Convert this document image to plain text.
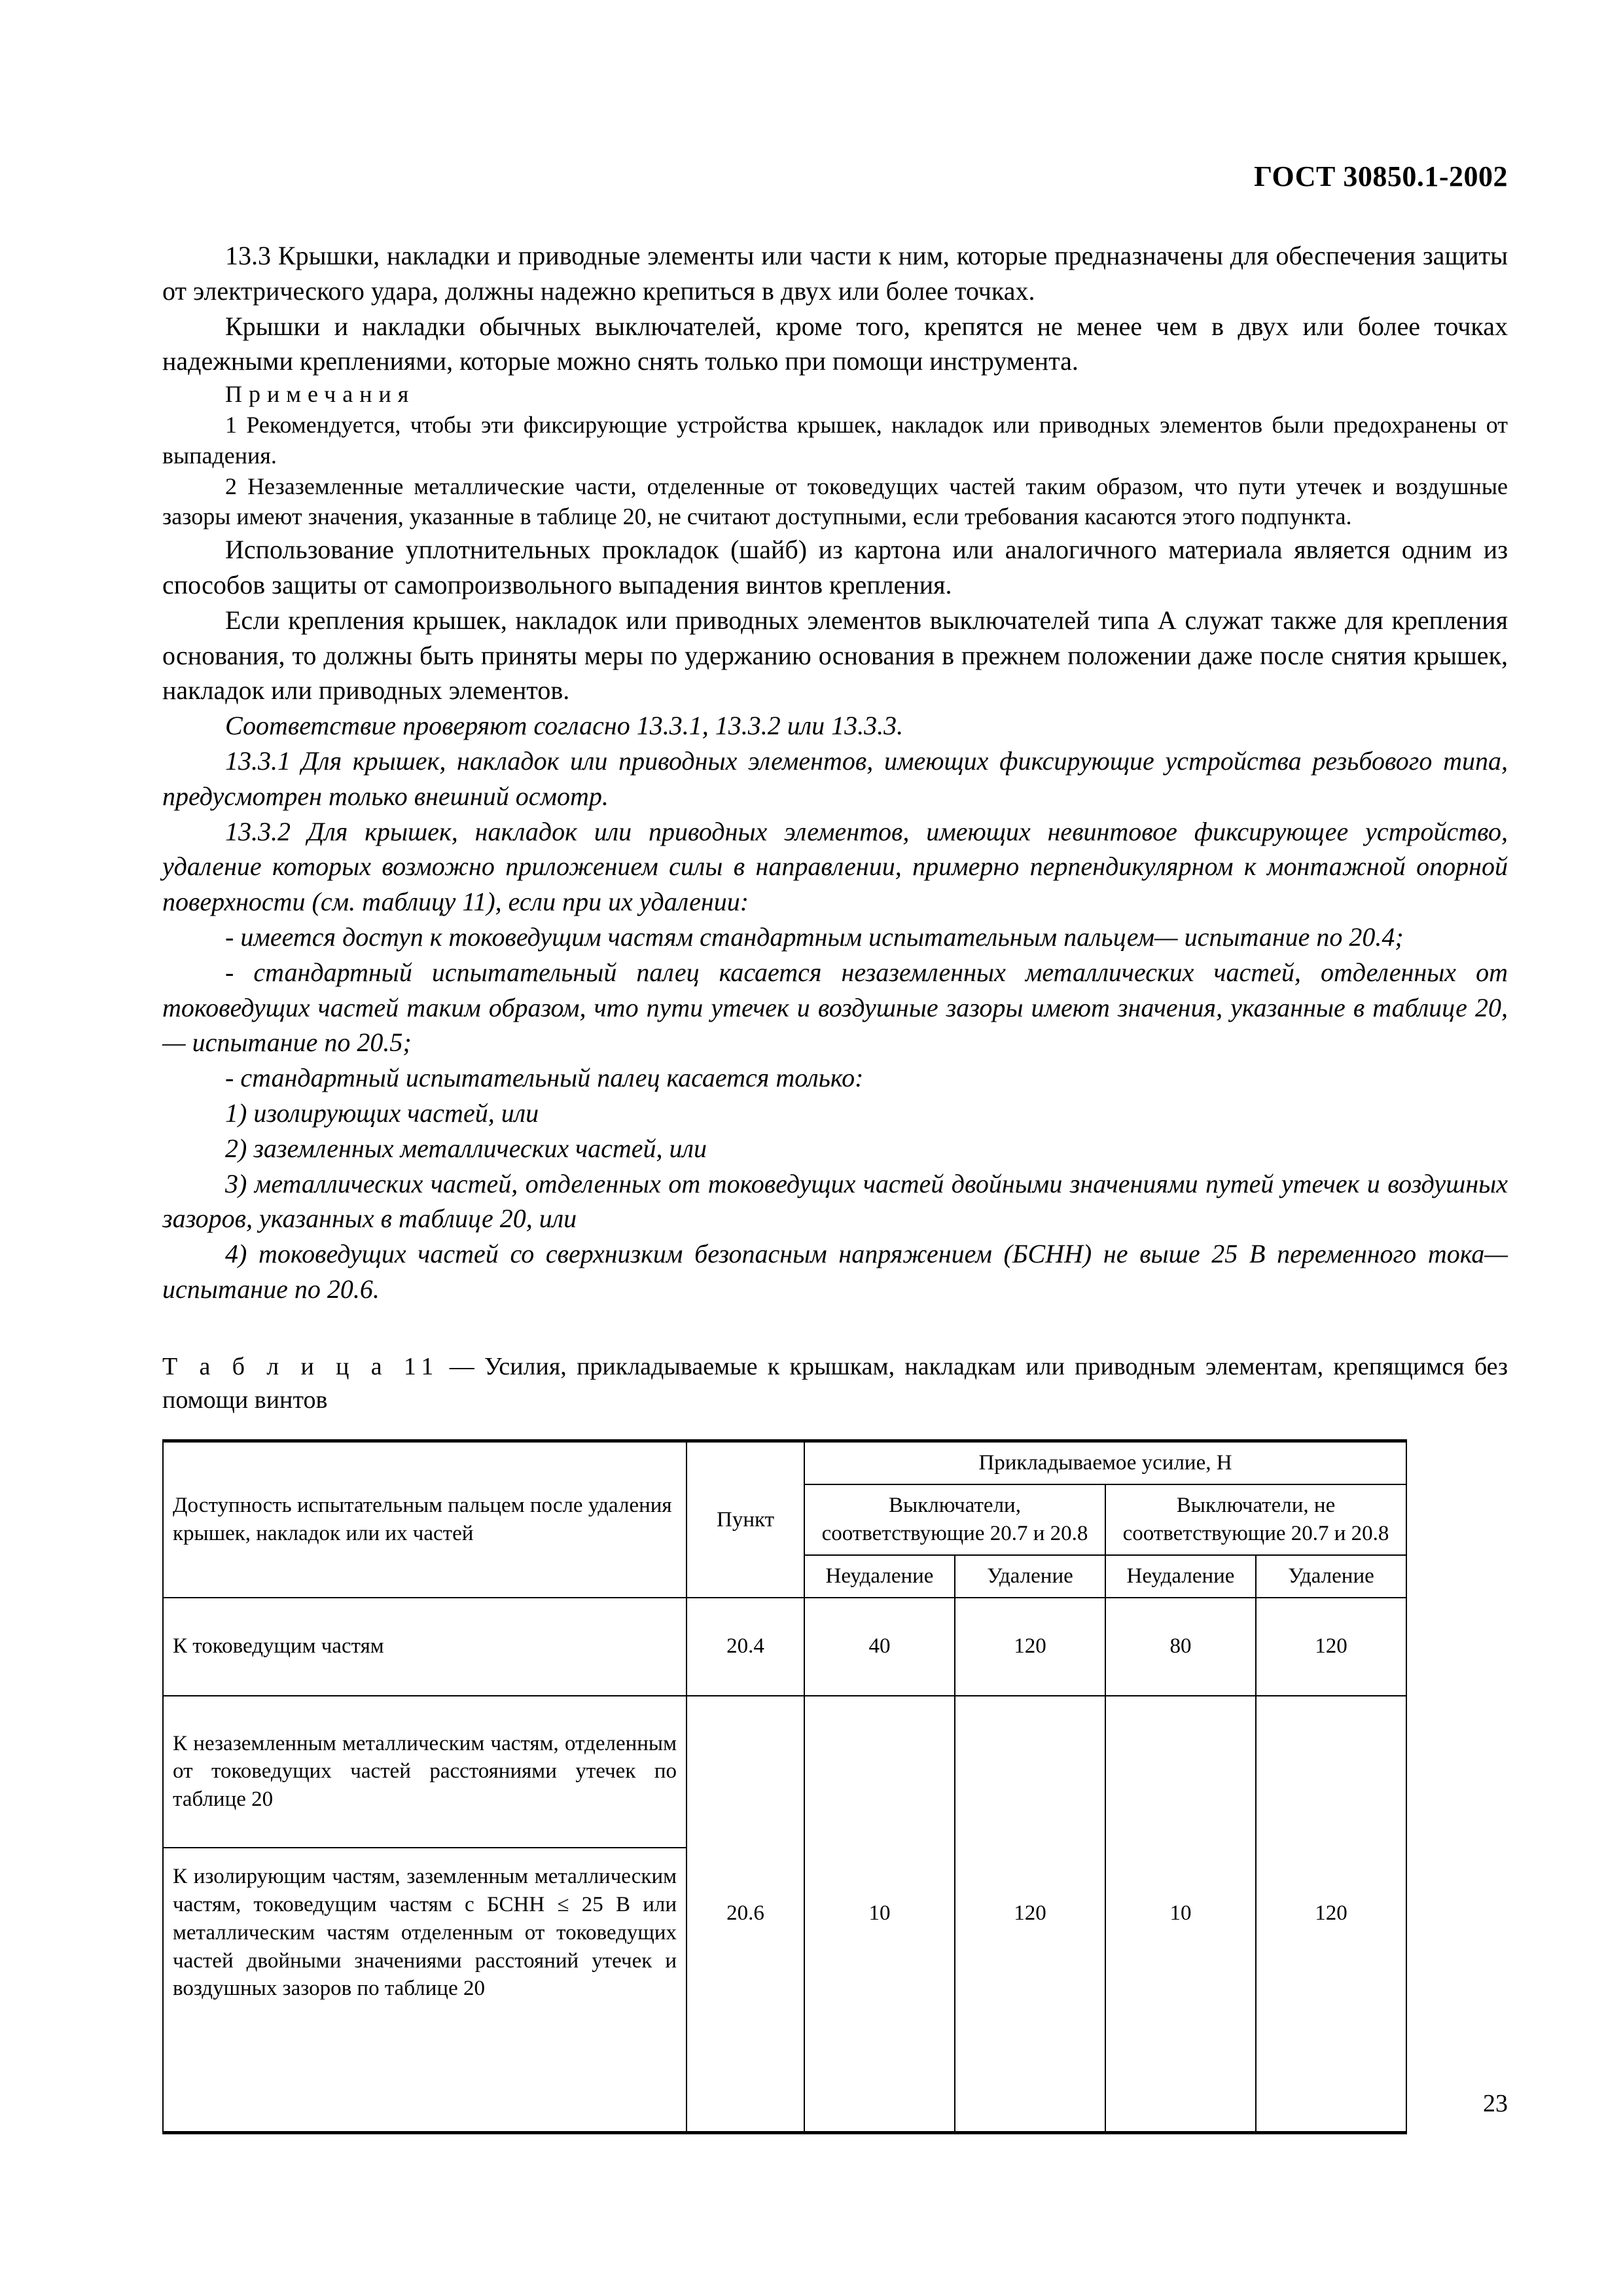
ГОСТ 30850.1-2002

13.3 Крышки, накладки и приводные элементы или части к ним, которые предназначены для обеспечения защиты от электрического удара, должны надежно крепиться в двух или более точках.

Крышки и накладки обычных выключателей, кроме того, крепятся не менее чем в двух или более точках надежными креплениями, которые можно снять только при помощи инструмента.

Примечания

1 Рекомендуется, чтобы эти фиксирующие устройства крышек, накладок или приводных элементов были предохранены от выпадения.

2 Незаземленные металлические части, отделенные от токоведущих частей таким образом, что пути утечек и воздушные зазоры имеют значения, указанные в таблице 20, не считают доступными, если требования касаются этого подпункта.

Использование уплотнительных прокладок (шайб) из картона или аналогичного материала является одним из способов защиты от самопроизвольного выпадения винтов крепления.

Если крепления крышек, накладок или приводных элементов выключателей типа А служат также для крепления основания, то должны быть приняты меры по удержанию основания в прежнем положении даже после снятия крышек, накладок или приводных элементов.

Соответствие проверяют согласно 13.3.1, 13.3.2 или 13.3.3.

13.3.1 Для крышек, накладок или приводных элементов, имеющих фиксирующие устройства резьбового типа, предусмотрен только внешний осмотр.

13.3.2 Для крышек, накладок или приводных элементов, имеющих невинтовое фиксирующее устройство, удаление которых возможно приложением силы в направлении, примерно перпендикулярном к монтажной опорной поверхности (см. таблицу 11), если при их удалении:

- имеется доступ к токоведущим частям стандартным испытательным пальцем— испытание по 20.4;

- стандартный испытательный палец касается незаземленных металлических частей, отделенных от токоведущих частей таким образом, что пути утечек и воздушные зазоры имеют значения, указанные в таблице 20,— испытание по 20.5;

- стандартный испытательный палец касается только:

1) изолирующих частей, или

2) заземленных металлических частей, или

3) металлических частей, отделенных от токоведущих частей двойными значениями путей утечек и воздушных зазоров, указанных в таблице 20, или

4) токоведущих частей со сверхнизким безопасным напряжением (БСНН) не выше 25 В переменного тока— испытание по 20.6.

Т а б л и ц а 11 — Усилия, прикладываемые к крышкам, накладкам или приводным элементам, крепящимся без помощи винтов
Доступность испытательным пальцем после удаления крышек, накладок или их частей	Пункт	Прикладываемое усилие, Н			
		Выключатели, соответствующие 20.7 и 20.8		Выключатели, не соответствующие 20.7 и 20.8	
		Неудаление	Удаление	Неудаление	Удаление
К токоведущим частям	20.4	40	120	80	120
К незаземленным металлическим частям, отделенным от токоведущих частей расстояниями утечек по таблице 20	20.6	10	120	10	120
К изолирующим частям, заземленным металлическим частям, токоведущим частям с БСНН ≤ 25 В или металлическим частям отделенным от токоведущих частей двойными значениями расстояний утечек и воздушных зазоров по таблице 20					
23
